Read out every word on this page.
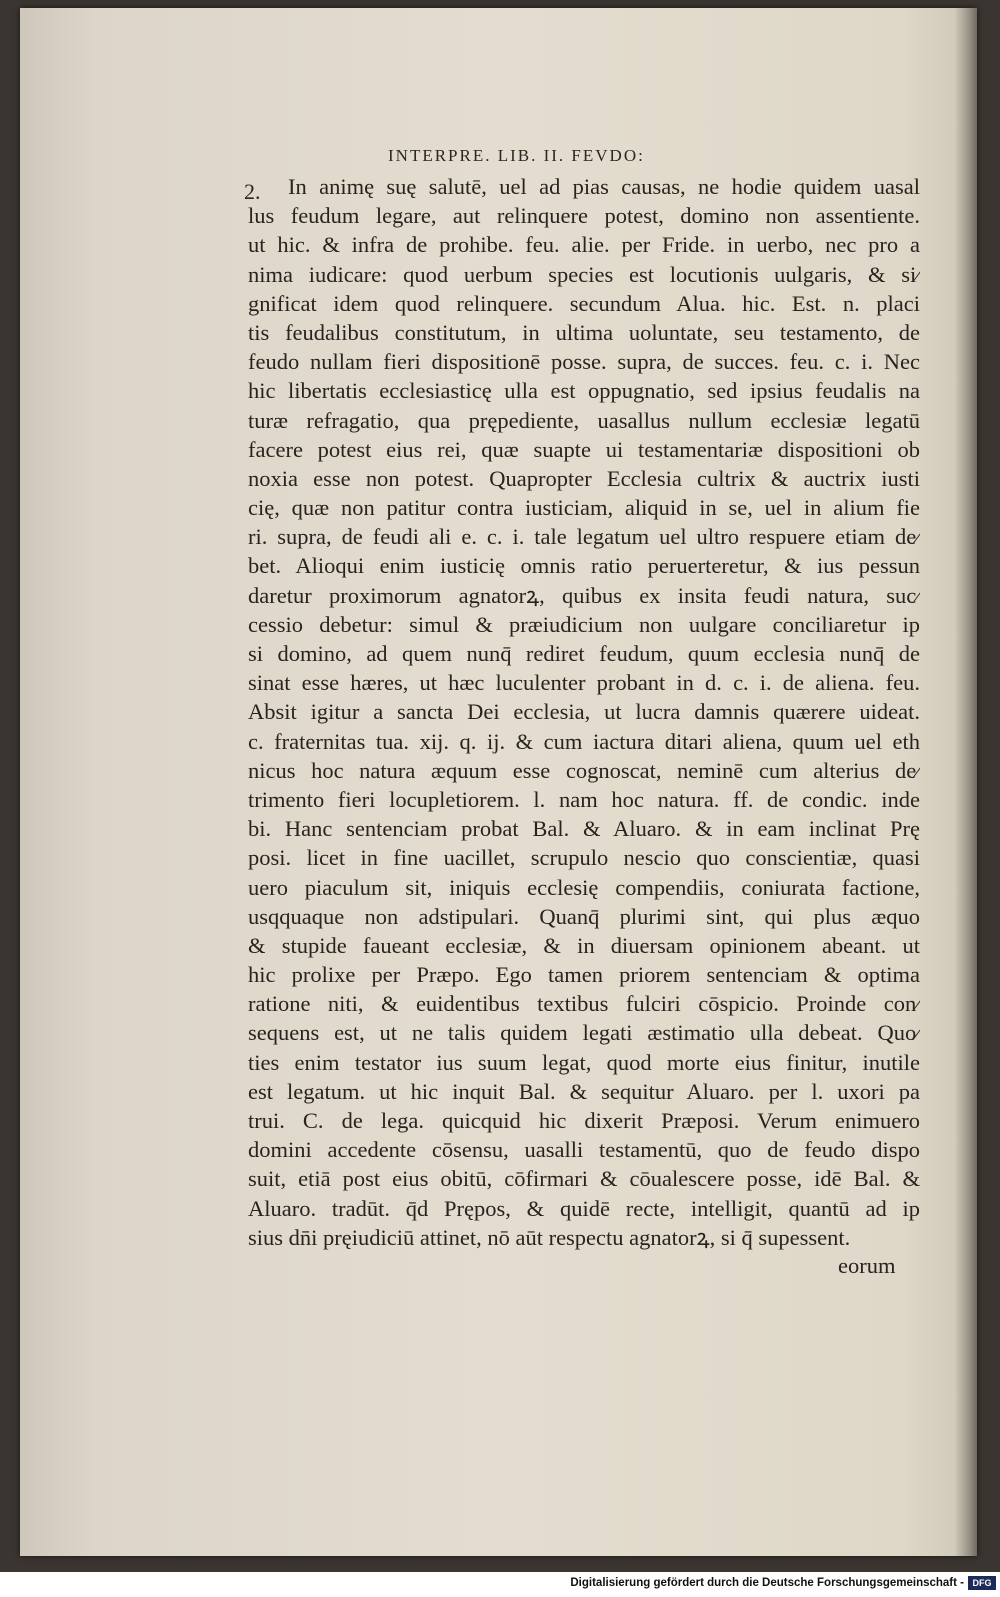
INTERPRE. LIB. II. FEVDO:
2.	In animę suę salutē, uel ad pias causas, ne hodie quidem uasal
lus feudum legare, aut relinquere potest, domino non assentiente.
ut hic. & infra de prohibe. feu. alie. per Fride. in uerbo, nec pro a
nima iudicare: quod uerbum species est locutionis uulgaris, & si⁄
gnificat idem quod relinquere. secundum Alua. hic. Est. n. placi
tis feudalibus constitutum, in ultima uoluntate, seu testamento, de
feudo nullam fieri dispositionē posse. supra, de succes. feu. c. i. Nec
hic libertatis ecclesiasticę ulla est oppugnatio, sed ipsius feudalis na
turæ refragatio, qua prępediente, uasallus nullum ecclesiæ legatū
facere potest eius rei, quæ suapte ui testamentariæ dispositioni ob
noxia esse non potest. Quapropter Ecclesia cultrix & auctrix iusti
cię, quæ non patitur contra iusticiam, aliquid in se, uel in alium fie
ri. supra, de feudi ali e. c. i. tale legatum uel ultro respuere etiam de⁄
bet. Alioqui enim iusticię omnis ratio peruerteretur, & ius pessun
daretur proximorum agnatorꝝ, quibus ex insita feudi natura, suc⁄
cessio debetur: simul & præiudicium non uulgare conciliaretur ip
si domino, ad quem nunq̄ rediret feudum, quum ecclesia nunq̄ de
sinat esse hæres, ut hæc luculenter probant in d. c. i. de aliena. feu.
Absit igitur a sancta Dei ecclesia, ut lucra damnis quærere uideat.
c. fraternitas tua. xij. q. ij. & cum iactura ditari aliena, quum uel eth
nicus hoc natura æquum esse cognoscat, neminē cum alterius de⁄
trimento fieri locupletiorem. l. nam hoc natura. ff. de condic. inde
bi. Hanc sentenciam probat Bal. & Aluaro. & in eam inclinat Prę
posi. licet in fine uacillet, scrupulo nescio quo conscientiæ, quasi
uero piaculum sit, iniquis ecclesię compendiis, coniurata factione,
usqquaque non adstipulari. Quanq̄ plurimi sint, qui plus æquo
& stupide faueant ecclesiæ, & in diuersam opinionem abeant. ut
hic prolixe per Præpo. Ego tamen priorem sentenciam & optima
ratione niti, & euidentibus textibus fulciri cōspicio. Proinde con⁄
sequens est, ut ne talis quidem legati æstimatio ulla debeat. Quo⁄
ties enim testator ius suum legat, quod morte eius finitur, inutile
est legatum. ut hic inquit Bal. & sequitur Aluaro. per l. uxori pa
trui. C. de lega. quicquid hic dixerit Præposi. Verum enimuero
domini accedente cōsensu, uasalli testamentū, quo de feudo dispo
suit, etiā post eius obitū, cōfirmari & cōualescere posse, idē Bal. &
Aluaro. tradūt. q̄d Prępos, & quidē recte, intelligit, quantū ad ip
sius dn̄i pręiudiciū attinet, nō aūt respectu agnatorꝝ, si q̄ supessent.
eorum
Digitalisierung gefördert durch die Deutsche Forschungsgemeinschaft - DFG
